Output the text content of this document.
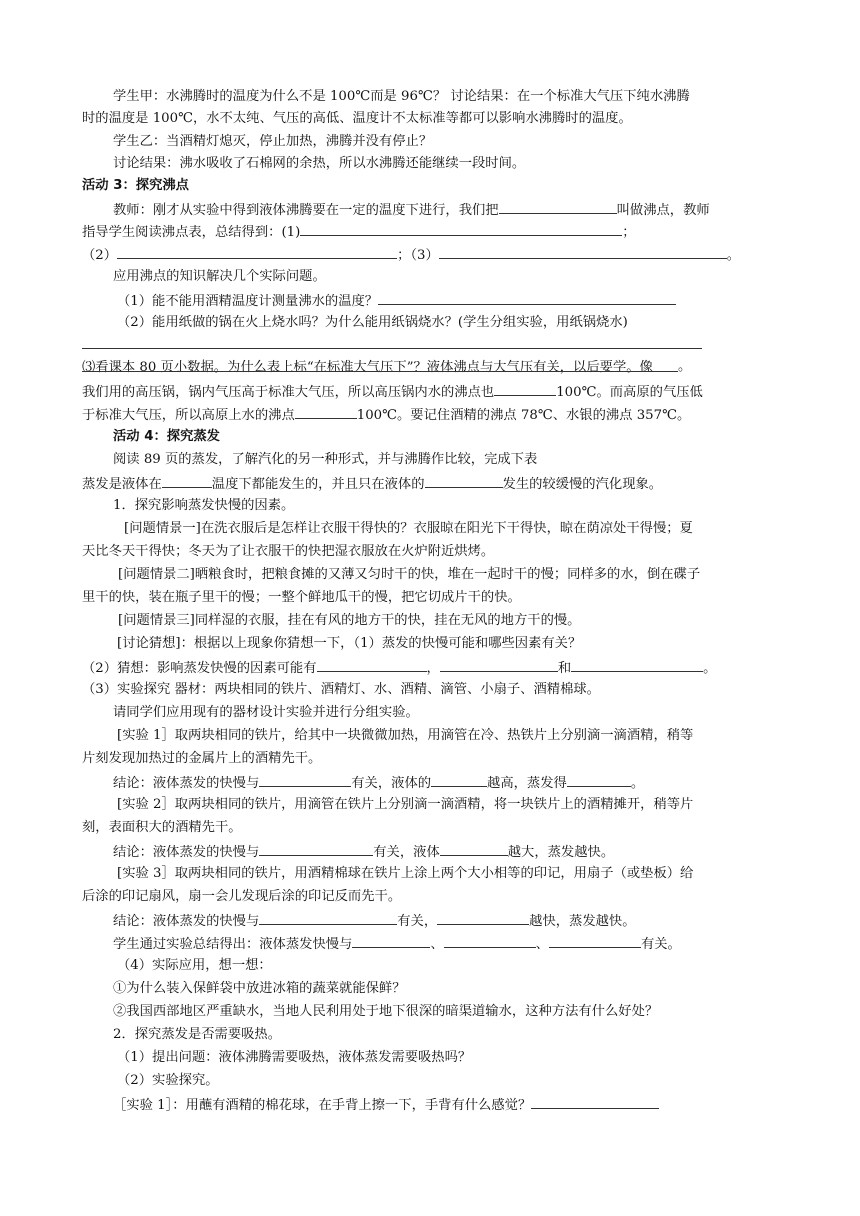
学生甲：水沸腾时的温度为什么不是 100℃而是 96℃？ 讨论结果：在一个标准大气压下纯水沸腾
时的温度是 100℃，水不太纯、气压的高低、温度计不太标准等都可以影响水沸腾时的温度。
学生乙：当酒精灯熄灭，停止加热，沸腾并没有停止？
讨论结果：沸水吸收了石棉网的余热，所以水沸腾还能继续一段时间。
活动 3：探究沸点
教师：刚才从实验中得到液体沸腾要在一定的温度下进行，我们把	叫做沸点，教师
指导学生阅读沸点表，总结得到：(1)	；
（2）	；（3）	。
应用沸点的知识解决几个实际问题。
（1）能不能用酒精温度计测量沸水的温度？
（2）能用纸做的锅在火上烧水吗？为什么能用纸锅烧水？(学生分组实验，用纸锅烧水)
⑶看课本 80 页小数据。为什么表上标“在标准大气压下”？液体沸点与大气压有关，以后要学。像
我们用的高压锅，锅内气压高于标准大气压，所以高压锅内水的沸点也	100℃。而高原的气压低
于标准大气压，所以高原上水的沸点	100℃。要记住酒精的沸点 78℃、水银的沸点 357℃。
活动 4：探究蒸发
阅读 89 页的蒸发，了解汽化的另一种形式，并与沸腾作比较，完成下表
蒸发是液体在	温度下都能发生的，并且只在液体的	发生的较缓慢的汽化现象。
1．探究影响蒸发快慢的因素。
[问题情景一]在洗衣服后是怎样让衣服干得快的？衣服晾在阳光下干得快，晾在荫凉处干得慢；夏
天比冬天干得快；冬天为了让衣服干的快把湿衣服放在火炉附近烘烤。
[问题情景二]晒粮食时，把粮食摊的又薄又匀时干的快，堆在一起时干的慢；同样多的水，倒在碟子
里干的快，装在瓶子里干的慢；一整个鲜地瓜干的慢，把它切成片干的快。
[问题情景三]同样湿的衣服，挂在有风的地方干的快，挂在无风的地方干的慢。
[讨论猜想]：根据以上现象你猜想一下，（1）蒸发的快慢可能和哪些因素有关？
（2）猜想：影响蒸发快慢的因素可能有	，	和	。
（3）实验探究 器材：两块相同的铁片、酒精灯、水、酒精、滴管、小扇子、酒精棉球。
请同学们应用现有的器材设计实验并进行分组实验。
[实验 1］取两块相同的铁片，给其中一块微微加热，用滴管在冷、热铁片上分别滴一滴酒精，稍等
片刻发现加热过的金属片上的酒精先干。
结论：液体蒸发的快慢与	有关，液体的	越高，蒸发得	。
[实验 2］取两块相同的铁片，用滴管在铁片上分别滴一滴酒精，将一块铁片上的酒精摊开，稍等片
刻，表面积大的酒精先干。
结论：液体蒸发的快慢与	有关，液体	越大，蒸发越快。
[实验 3］取两块相同的铁片，用酒精棉球在铁片上涂上两个大小相等的印记，用扇子（或垫板）给
后涂的印记扇风，扇一会儿发现后涂的印记反而先干。
结论：液体蒸发的快慢与	有关，	越快，蒸发越快。
学生通过实验总结得出：液体蒸发快慢与	、	、	有关。
（4）实际应用，想一想：
①为什么装入保鲜袋中放进冰箱的蔬菜就能保鲜？
②我国西部地区严重缺水，当地人民利用处于地下很深的暗渠道输水，这种方法有什么好处？
2．探究蒸发是否需要吸热。
（1）提出问题：液体沸腾需要吸热，液体蒸发需要吸热吗？
（2）实验探究。
［实验 1］：用蘸有酒精的棉花球，在手背上擦一下，手背有什么感觉？
。
